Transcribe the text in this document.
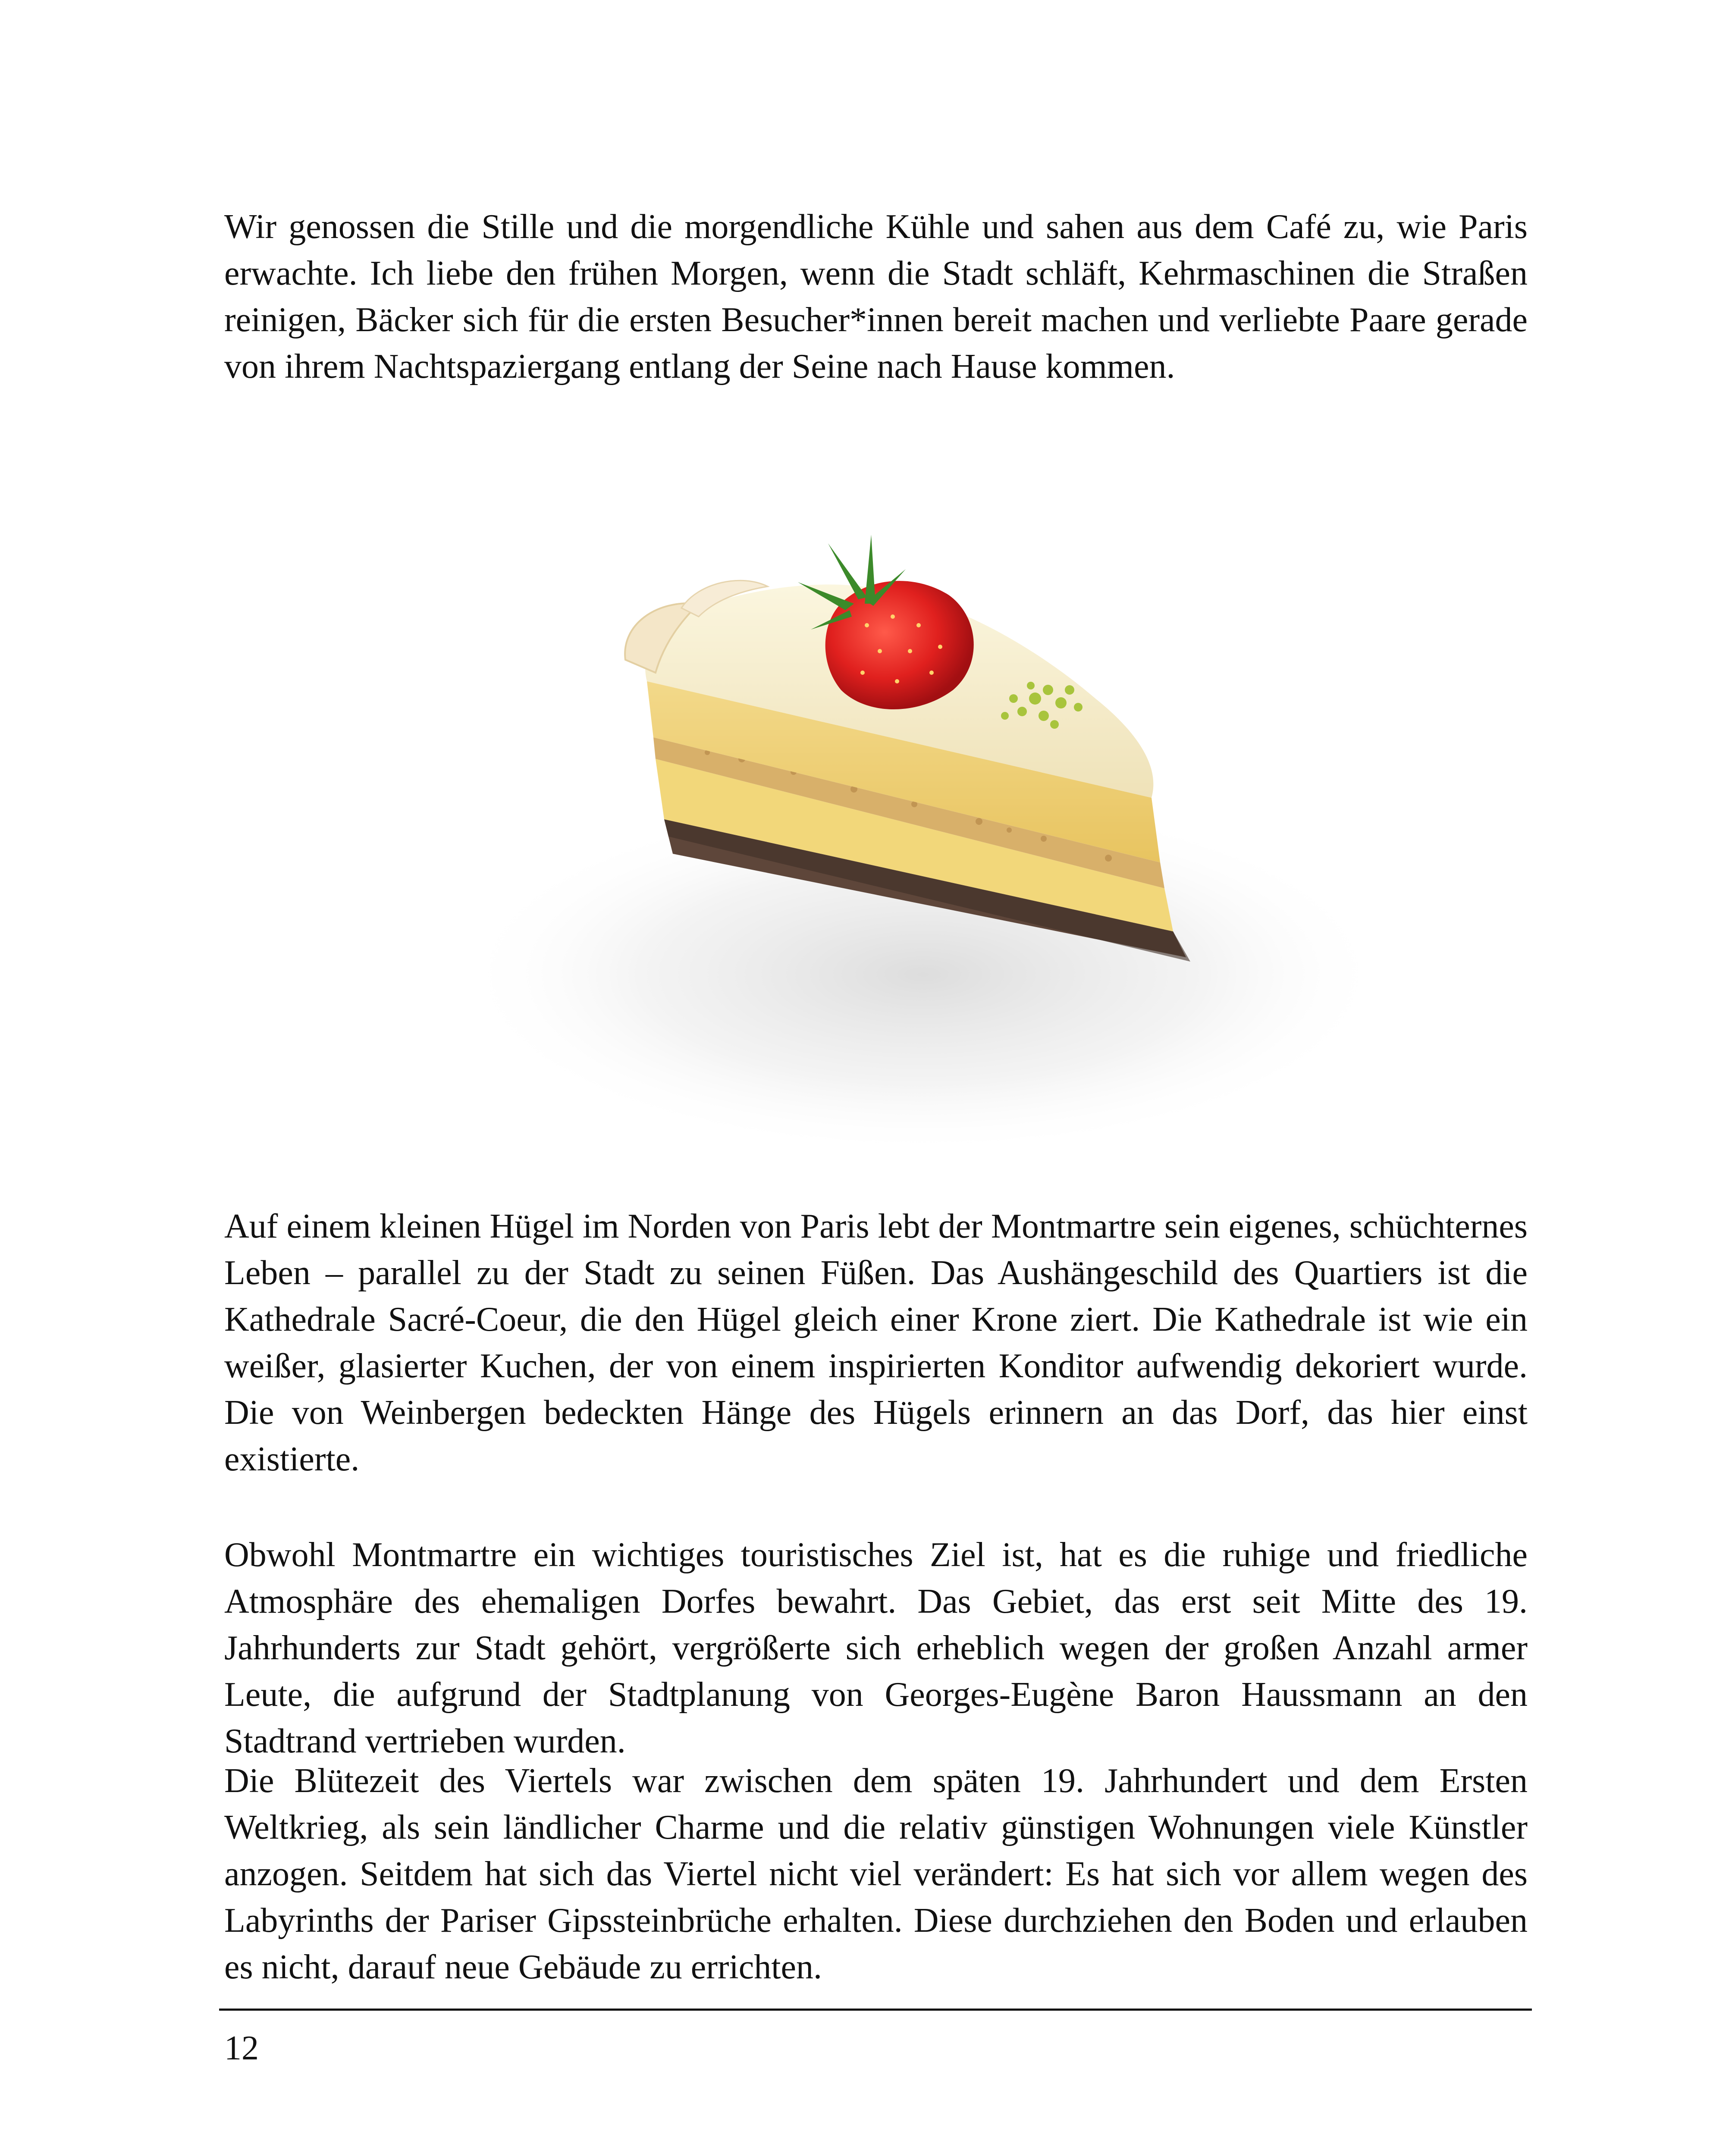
Wir genossen die Stille und die morgendliche Kühle und sahen aus dem Café zu, wie Paris erwachte. Ich liebe den frühen Morgen, wenn die Stadt schläft, Kehrmaschinen die Straßen reinigen, Bäcker sich für die ersten Besucher*innen bereit machen und verliebte Paare gerade von ihrem Nachtspaziergang entlang der Seine nach Hause kommen.

Auf einem kleinen Hügel im Norden von Paris lebt der Montmartre sein eigenes, schüchternes Leben – parallel zu der Stadt zu seinen Füßen. Das Aushängeschild des Quartiers ist die Kathedrale Sacré-Coeur, die den Hügel gleich einer Krone ziert. Die Kathedrale ist wie ein weißer, glasierter Kuchen, der von einem inspirierten Konditor aufwendig dekoriert wurde. Die von Weinbergen bedeckten Hänge des Hügels erinnern an das Dorf, das hier einst existierte.

Obwohl Montmartre ein wichtiges touristisches Ziel ist, hat es die ruhige und friedliche Atmosphäre des ehemaligen Dorfes bewahrt. Das Gebiet, das erst seit Mitte des 19. Jahrhunderts zur Stadt gehört, vergrößerte sich erheblich wegen der großen Anzahl armer Leute, die aufgrund der Stadtplanung von Georges-Eugène Baron Haussmann an den Stadtrand vertrieben wurden.

Die Blütezeit des Viertels war zwischen dem späten 19. Jahrhundert und dem Ersten Weltkrieg, als sein ländlicher Charme und die relativ günstigen Wohnungen viele Künstler anzogen. Seitdem hat sich das Viertel nicht viel verändert: Es hat sich vor allem wegen des Labyrinths der Pariser Gipssteinbrüche erhalten. Diese durchziehen den Boden und erlauben es nicht, darauf neue Gebäude zu errichten.

12
